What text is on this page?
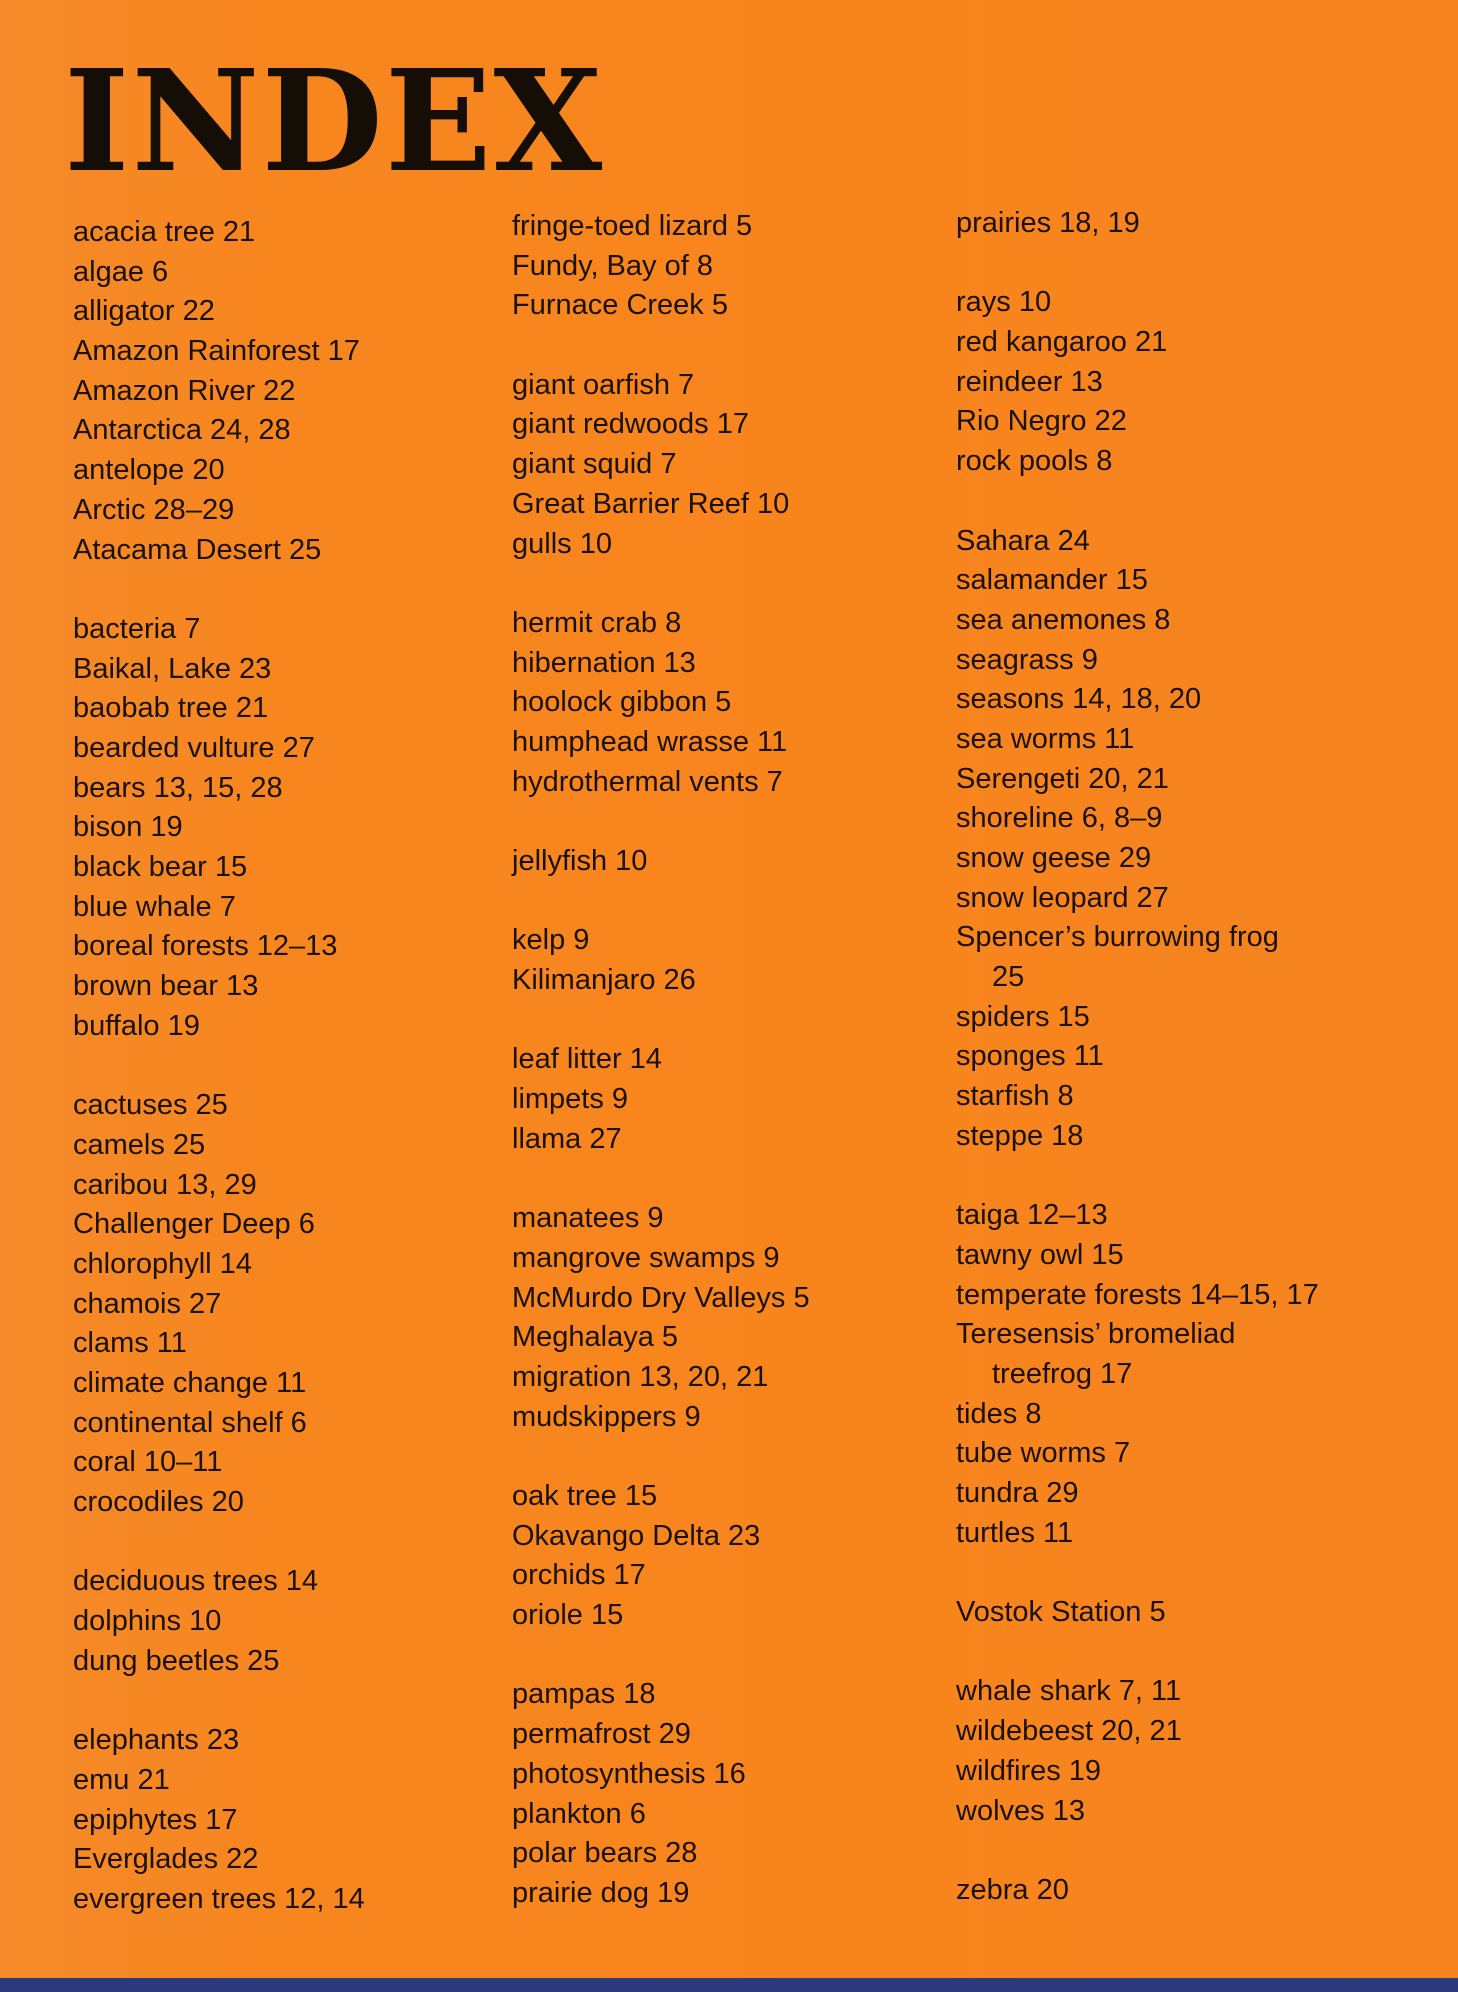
INDEX
acacia tree 21
algae 6
alligator 22
Amazon Rainforest 17
Amazon River 22
Antarctica 24, 28
antelope 20
Arctic 28–29
Atacama Desert 25
bacteria 7
Baikal, Lake 23
baobab tree 21
bearded vulture 27
bears 13, 15, 28
bison 19
black bear 15
blue whale 7
boreal forests 12–13
brown bear 13
buffalo 19
cactuses 25
camels 25
caribou 13, 29
Challenger Deep 6
chlorophyll 14
chamois 27
clams 11
climate change 11
continental shelf 6
coral 10–11
crocodiles 20
deciduous trees 14
dolphins 10
dung beetles 25
elephants 23
emu 21
epiphytes 17
Everglades 22
evergreen trees 12, 14
fringe-toed lizard 5
Fundy, Bay of 8
Furnace Creek 5
giant oarfish 7
giant redwoods 17
giant squid 7
Great Barrier Reef 10
gulls 10
hermit crab 8
hibernation 13
hoolock gibbon 5
humphead wrasse 11
hydrothermal vents 7
jellyfish 10
kelp 9
Kilimanjaro 26
leaf litter 14
limpets 9
llama 27
manatees 9
mangrove swamps 9
McMurdo Dry Valleys 5
Meghalaya 5
migration 13, 20, 21
mudskippers 9
oak tree 15
Okavango Delta 23
orchids 17
oriole 15
pampas 18
permafrost 29
photosynthesis 16
plankton 6
polar bears 28
prairie dog 19
prairies 18, 19
rays 10
red kangaroo 21
reindeer 13
Rio Negro 22
rock pools 8
Sahara 24
salamander 15
sea anemones 8
seagrass 9
seasons 14, 18, 20
sea worms 11
Serengeti 20, 21
shoreline 6, 8–9
snow geese 29
snow leopard 27
Spencer’s burrowing frog
25
spiders 15
sponges 11
starfish 8
steppe 18
taiga 12–13
tawny owl 15
temperate forests 14–15, 17
Teresensis’ bromeliad
treefrog 17
tides 8
tube worms 7
tundra 29
turtles 11
Vostok Station 5
whale shark 7, 11
wildebeest 20, 21
wildfires 19
wolves 13
zebra 20
